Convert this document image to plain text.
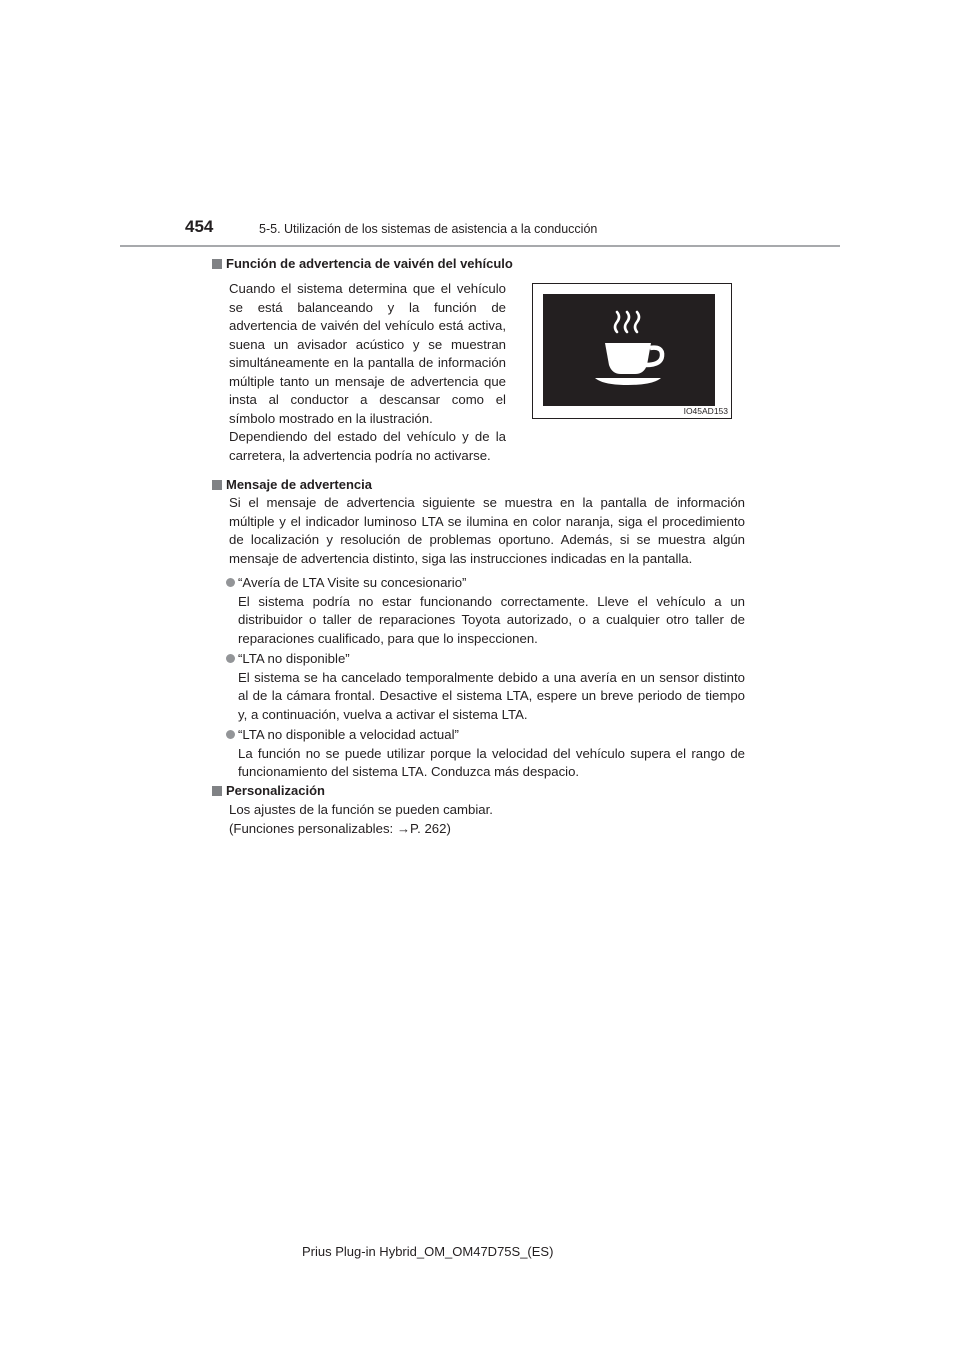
454	5-5. Utilización de los sistemas de asistencia a la conducción
Función de advertencia de vaivén del vehículo
Cuando el sistema determina que el vehículo se está balanceando y la función de advertencia de vaivén del vehículo está activa, suena un avisador acústico y se muestran simultáneamente en la pantalla de información múltiple tanto un mensaje de advertencia que insta al conductor a descansar como el símbolo mostrado en la ilustración.
Dependiendo del estado del vehículo y de la carretera, la advertencia podría no activarse.
IO45AD153
Mensaje de advertencia
Si el mensaje de advertencia siguiente se muestra en la pantalla de información múltiple y el indicador luminoso LTA se ilumina en color naranja, siga el procedimiento de localización y resolución de problemas oportuno. Además, si se muestra algún mensaje de advertencia distinto, siga las instrucciones indicadas en la pantalla.
“Avería de LTA Visite su concesionario”
El sistema podría no estar funcionando correctamente. Lleve el vehículo a un distribuidor o taller de reparaciones Toyota autorizado, o a cualquier otro taller de reparaciones cualificado, para que lo inspeccionen.
“LTA no disponible”
El sistema se ha cancelado temporalmente debido a una avería en un sensor distinto al de la cámara frontal. Desactive el sistema LTA, espere un breve periodo de tiempo y, a continuación, vuelva a activar el sistema LTA.
“LTA no disponible a velocidad actual”
La función no se puede utilizar porque la velocidad del vehículo supera el rango de funcionamiento del sistema LTA. Conduzca más despacio.
Personalización
Los ajustes de la función se pueden cambiar.
(Funciones personalizables: →P. 262)
Prius Plug-in Hybrid_OM_OM47D75S_(ES)
